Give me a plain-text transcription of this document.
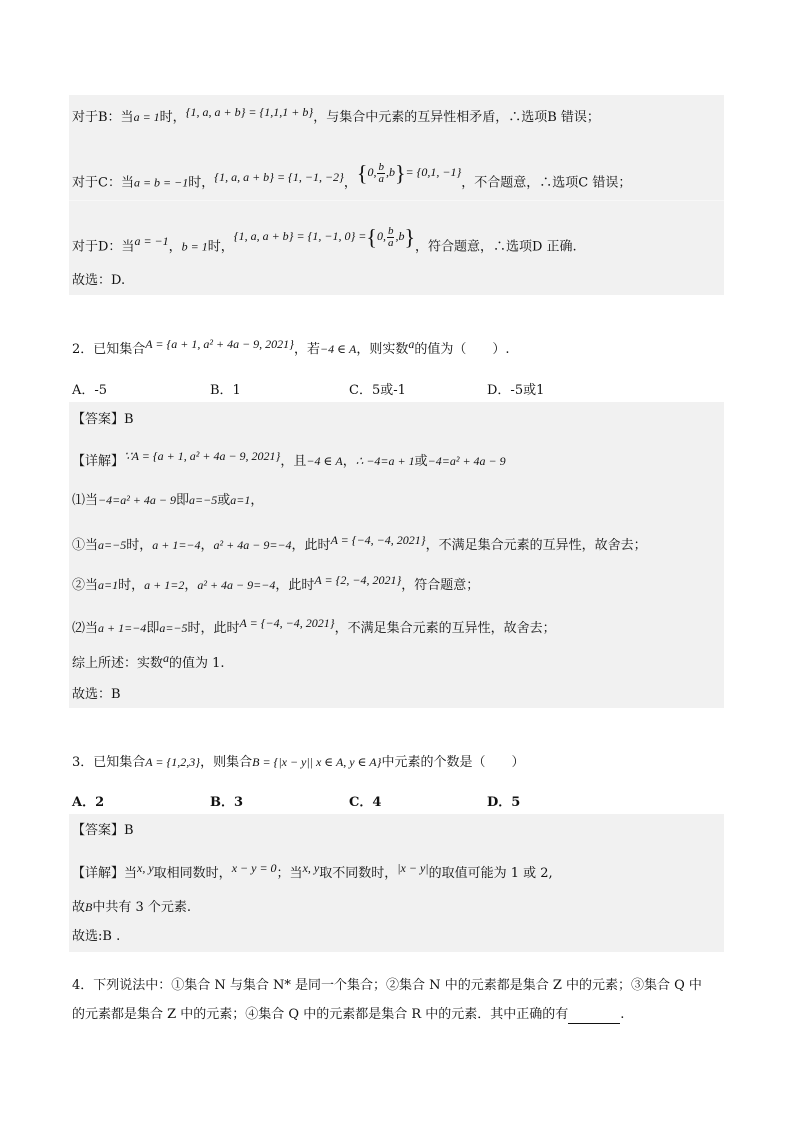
对于B：当a = 1时，{1, a, a + b} = {1,1,1 + b}，与集合中元素的互异性相矛盾，∴选项B 错误；
对于C：当a = b = −1时，{1, a, a + b} = {1, −1, −2}，{0, $\frac{b}{a} ,b\}= \{0,1$, −1}，不合题意，∴选项C 错误；
对于D：当a = −1，b = 1时，{1, a, a + b} = {1, −1, 0} ={0, $\frac{b}{a} ,b$}，符合题意，∴选项D 正确.
故选：D.
2．已知集合A = {a + 1, a² + 4a − 9, 2021}，若−4 ∈ A，则实数a的值为（　　）.
A．-5	B．1	C．5或-1	D．-5或1
【答案】B
【详解】∵A = {a + 1, a² + 4a − 9, 2021}，且−4 ∈ A，∴ −4=a + 1或−4=a² + 4a − 9
⑴当−4=a² + 4a − 9即a=−5或a=1，
①当a=−5时，a + 1=−4，a² + 4a − 9=−4，此时A = {−4, −4, 2021}，不满足集合元素的互异性，故舍去；
②当a=1时，a + 1=2，a² + 4a − 9=−4，此时A = {2, −4, 2021}，符合题意；
⑵当a + 1=−4即a=−5时，此时A = {−4, −4, 2021}，不满足集合元素的互异性，故舍去；
综上所述：实数a的值为 1.
故选：B
3．已知集合A = {1,2,3}，则集合B = {|x − y|| x ∈ A, y ∈ A}中元素的个数是（　　）
A．2	B．3	C．4	D．5
【答案】B
【详解】当x, y取相同数时，x − y = 0；当x, y取不同数时，|x − y|的取值可能为 1 或 2,
故B中共有 3 个元素.
故选:B .
4．下列说法中：①集合 N 与集合 N* 是同一个集合；②集合 N 中的元素都是集合 Z 中的元素；③集合 Q 中
的元素都是集合 Z 中的元素；④集合 Q 中的元素都是集合 R 中的元素．其中正确的有	.
